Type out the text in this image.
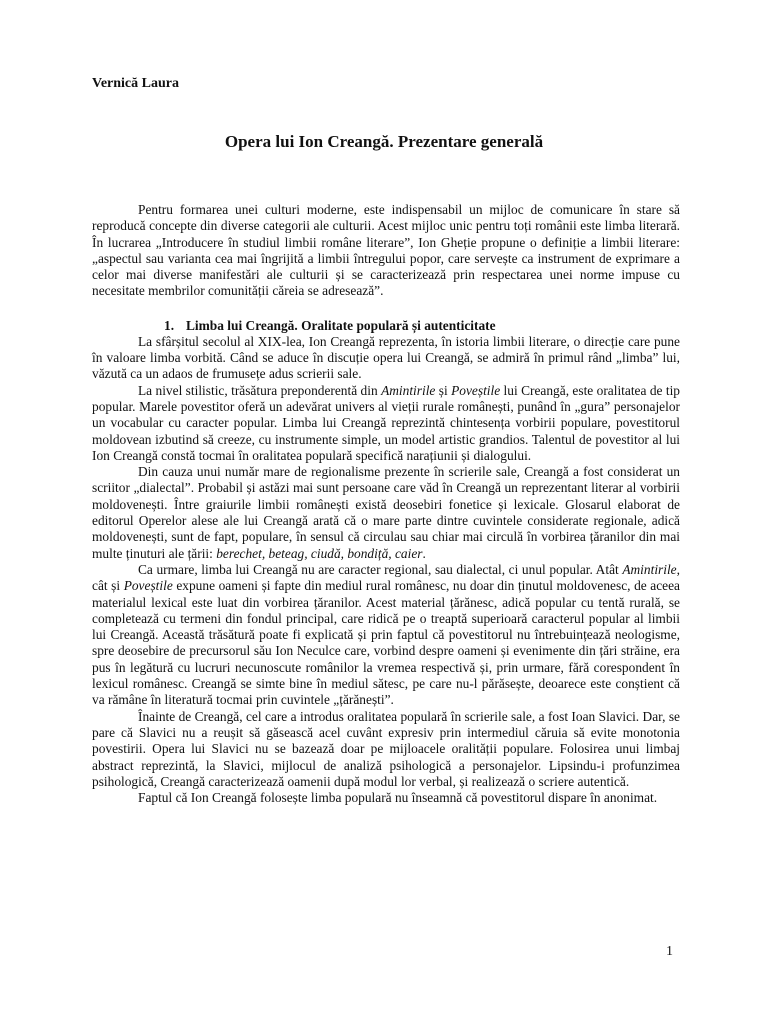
Vernică Laura
Opera lui Ion Creangă. Prezentare generală

Pentru formarea unei culturi moderne, este indispensabil un mijloc de comunicare în stare să reproducă concepte din diverse categorii ale culturii. Acest mijloc unic pentru toți românii este limba literară. În lucrarea „Introducere în studiul limbii române literare”, Ion Gheție propune o definiție a limbii literare: „aspectul sau varianta cea mai îngrijită a limbii întregului popor, care servește ca instrument de exprimare a celor mai diverse manifestări ale culturii și se caracterizează prin respectarea unei norme impuse cu necesitate membrilor comunității căreia se adresează”.

1. Limba lui Creangă. Oralitate populară și autenticitate

La sfârșitul secolul al XIX-lea, Ion Creangă reprezenta, în istoria limbii literare, o direcție care pune în valoare limba vorbită. Când se aduce în discuție opera lui Creangă, se admiră în primul rând „limba” lui, văzută ca un adaos de frumusețe adus scrierii sale.

La nivel stilistic, trăsătura preponderentă din Amintirile și Poveștile lui Creangă, este oralitatea de tip popular. Marele povestitor oferă un adevărat univers al vieții rurale românești, punând în „gura” personajelor un vocabular cu caracter popular. Limba lui Creangă reprezintă chintesența vorbirii populare, povestitorul moldovean izbutind să creeze, cu instrumente simple, un model artistic grandios. Talentul de povestitor al lui Ion Creangă constă tocmai în oralitatea populară specifică narațiunii și dialogului.

Din cauza unui număr mare de regionalisme prezente în scrierile sale, Creangă a fost considerat un scriitor „dialectal”. Probabil și astăzi mai sunt persoane care văd în Creangă un reprezentant literar al vorbirii moldovenești. Între graiurile limbii românești există deosebiri fonetice și lexicale. Glosarul elaborat de editorul Operelor alese ale lui Creangă arată că o mare parte dintre cuvintele considerate regionale, adică moldovenești, sunt de fapt, populare, în sensul că circulau sau chiar mai circulă în vorbirea țăranilor din mai multe ținuturi ale țării: berechet, beteag, ciudă, bondiță, caier.

Ca urmare, limba lui Creangă nu are caracter regional, sau dialectal, ci unul popular. Atât Amintirile, cât și Poveștile expune oameni și fapte din mediul rural românesc, nu doar din ținutul moldovenesc, de aceea materialul lexical este luat din vorbirea țăranilor. Acest material țărănesc, adică popular cu tentă rurală, se completează cu termeni din fondul principal, care ridică pe o treaptă superioară caracterul popular al limbii lui Creangă. Această trăsătură poate fi explicată și prin faptul că povestitorul nu întrebuințează neologisme, spre deosebire de precursorul său Ion Neculce care, vorbind despre oameni și evenimente din țări străine, era pus în legătură cu lucruri necunoscute românilor la vremea respectivă și, prin urmare, fără corespondent în lexicul românesc. Creangă se simte bine în mediul sătesc, pe care nu-l părăsește, deoarece este conștient că va rămâne în literatură tocmai prin cuvintele „țărănești”.

Înainte de Creangă, cel care a introdus oralitatea populară în scrierile sale, a fost Ioan Slavici. Dar, se pare că Slavici nu a reușit să găsească acel cuvânt expresiv prin intermediul căruia să evite monotonia povestirii. Opera lui Slavici nu se bazează doar pe mijloacele oralității populare. Folosirea unui limbaj abstract reprezintă, la Slavici, mijlocul de analiză psihologică a personajelor. Lipsindu-i profunzimea psihologică, Creangă caracterizează oamenii după modul lor verbal, și realizează o scriere autentică.

Faptul că Ion Creangă folosește limba populară nu înseamnă că povestitorul dispare în anonimat.

1
